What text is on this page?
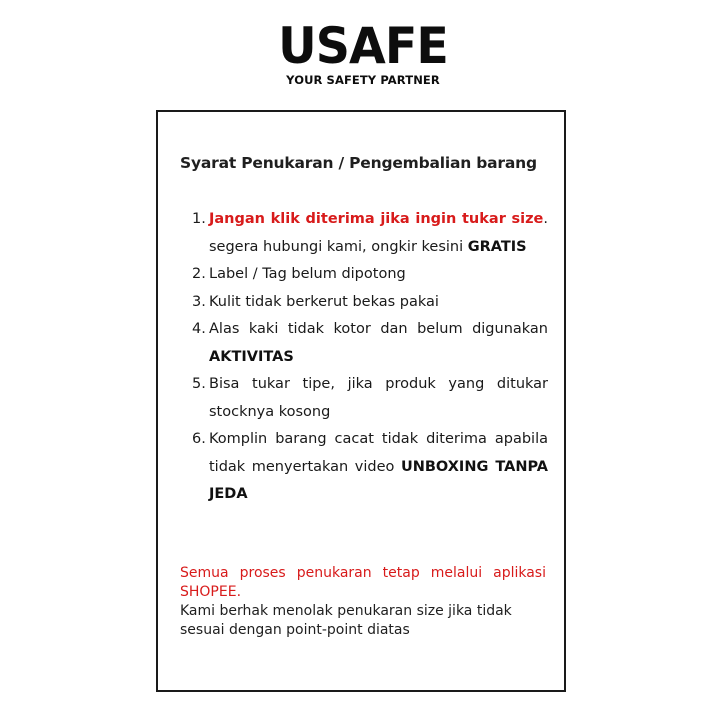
USAFE
YOUR SAFETY PARTNER
Syarat Penukaran / Pengembalian barang
1. Jangan klik diterima jika ingin tukar size. segera hubungi kami, ongkir kesini GRATIS
2. Label / Tag belum dipotong
3. Kulit tidak berkerut bekas pakai
4. Alas kaki tidak kotor dan belum digunakan AKTIVITAS
5. Bisa tukar tipe, jika produk yang ditukar stocknya kosong
6. Komplin barang cacat tidak diterima apabila tidak menyertakan video UNBOXING TANPA JEDA
Semua proses penukaran tetap melalui aplikasi SHOPEE.
Kami berhak menolak penukaran size jika tidak sesuai dengan point-point diatas
